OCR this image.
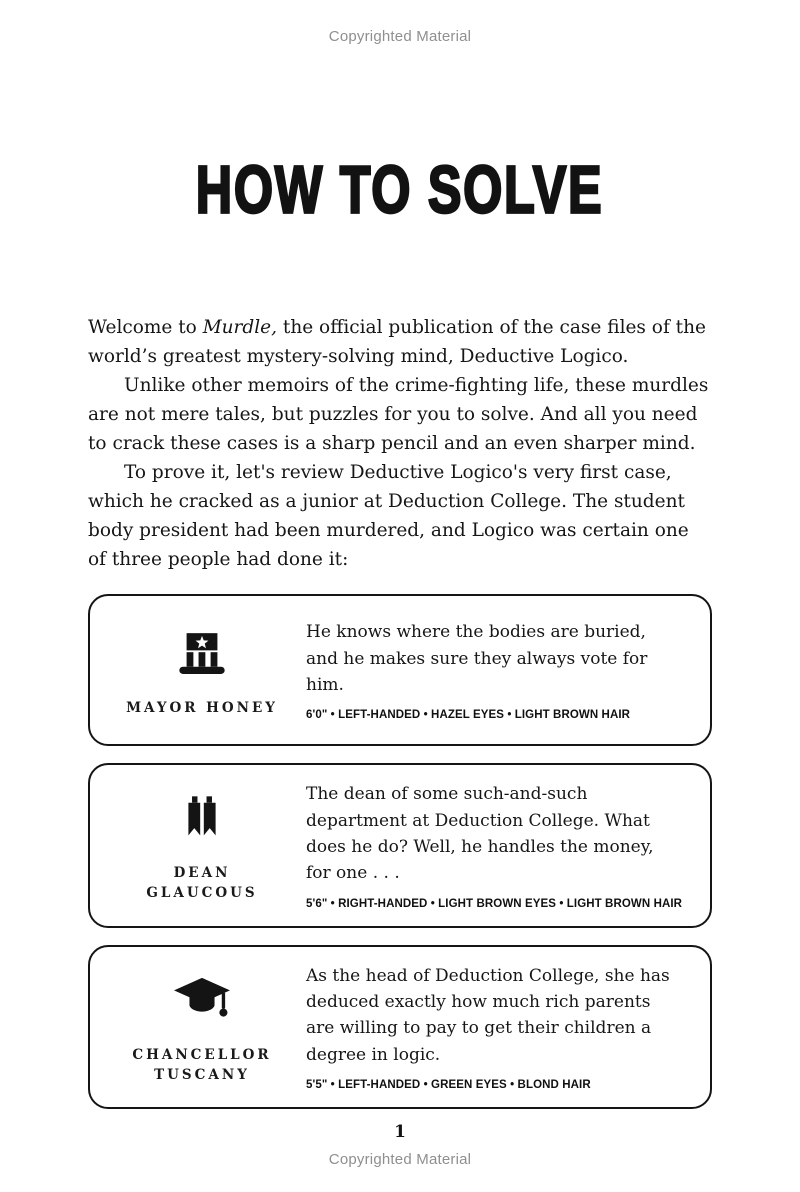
Copyrighted Material
HOW TO SOLVE

Welcome to Murdle, the official publication of the case files of the world’s greatest mystery-solving mind, Deductive Logico.

Unlike other memoirs of the crime-fighting life, these murdles are not mere tales, but puzzles for you to solve. And all you need to crack these cases is a sharp pencil and an even sharper mind.

To prove it, let's review Deductive Logico's very first case, which he cracked as a junior at Deduction College. The student body president had been murdered, and Logico was certain one of three people had done it:

MAYOR HONEY
He knows where the bodies are buried, and he makes sure they always vote for him.
6'0" • LEFT-HANDED • HAZEL EYES • LIGHT BROWN HAIR
DEAN GLAUCOUS
The dean of some such-and-such department at Deduction College. What does he do? Well, he handles the money, for one . . .
5'6" • RIGHT-HANDED • LIGHT BROWN EYES • LIGHT BROWN HAIR
CHANCELLOR TUSCANY
As the head of Deduction College, she has deduced exactly how much rich parents are willing to pay to get their children a degree in logic.
5'5" • LEFT-HANDED • GREEN EYES • BLOND HAIR
1
Copyrighted Material
